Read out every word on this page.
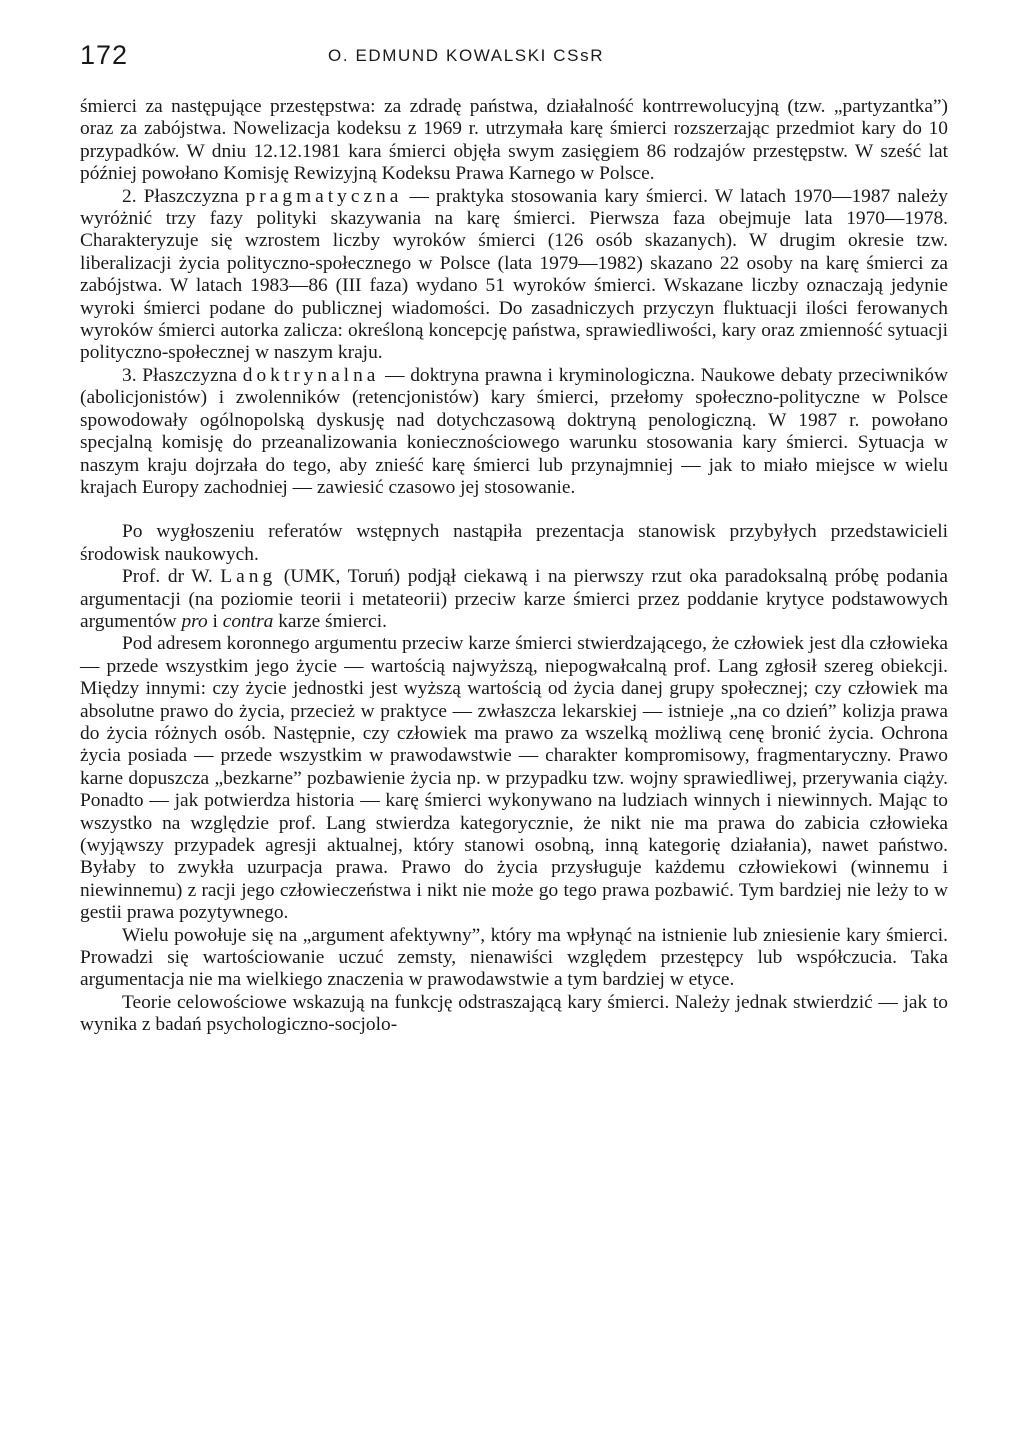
172	O. EDMUND KOWALSKI CSsR

śmierci za następujące przestępstwa: za zdradę państwa, działalność kontrrewolucyjną (tzw. „partyzantka”) oraz za zabójstwa. Nowelizacja kodeksu z 1969 r. utrzymała karę śmierci rozszerzając przedmiot kary do 10 przypadków. W dniu 12.12.1981 kara śmierci objęła swym zasięgiem 86 rodzajów przestępstw. W sześć lat później powołano Komisję Rewizyjną Kodeksu Prawa Karnego w Polsce.

2. Płaszczyzna pragmatyczna — praktyka stosowania kary śmierci. W latach 1970—1987 należy wyróżnić trzy fazy polityki skazywania na karę śmierci. Pierwsza faza obejmuje lata 1970—1978. Charakteryzuje się wzrostem liczby wyroków śmierci (126 osób skazanych). W drugim okresie tzw. liberalizacji życia polityczno-społecznego w Polsce (lata 1979—1982) skazano 22 osoby na karę śmierci za zabójstwa. W latach 1983—86 (III faza) wydano 51 wyroków śmierci. Wskazane liczby oznaczają jedynie wyroki śmierci podane do publicznej wiadomości. Do zasadniczych przyczyn fluktuacji ilości ferowanych wyroków śmierci autorka zalicza: określoną koncepcję państwa, sprawiedliwości, kary oraz zmienność sytuacji polityczno-społecznej w naszym kraju.

3. Płaszczyzna doktrynalna — doktryna prawna i kryminologiczna. Naukowe debaty przeciwników (abolicjonistów) i zwolenników (retencjonistów) kary śmierci, przełomy społeczno-polityczne w Polsce spowodowały ogólnopolską dyskusję nad dotychczasową doktryną penologiczną. W 1987 r. powołano specjalną komisję do przeanalizowania koniecznościowego warunku stosowania kary śmierci. Sytuacja w naszym kraju dojrzała do tego, aby znieść karę śmierci lub przynajmniej — jak to miało miejsce w wielu krajach Europy zachodniej — zawiesić czasowo jej stosowanie.

Po wygłoszeniu referatów wstępnych nastąpiła prezentacja stanowisk przybyłych przedstawicieli środowisk naukowych.

Prof. dr W. Lang (UMK, Toruń) podjął ciekawą i na pierwszy rzut oka paradoksalną próbę podania argumentacji (na poziomie teorii i metateorii) przeciw karze śmierci przez poddanie krytyce podstawowych argumentów pro i contra karze śmierci.

Pod adresem koronnego argumentu przeciw karze śmierci stwierdzającego, że człowiek jest dla człowieka — przede wszystkim jego życie — wartością najwyższą, niepogwałcalną prof. Lang zgłosił szereg obiekcji. Między innymi: czy życie jednostki jest wyższą wartością od życia danej grupy społecznej; czy człowiek ma absolutne prawo do życia, przecież w praktyce — zwłaszcza lekarskiej — istnieje „na co dzień” kolizja prawa do życia różnych osób. Następnie, czy człowiek ma prawo za wszelką możliwą cenę bronić życia. Ochrona życia posiada — przede wszystkim w prawodawstwie — charakter kompromisowy, fragmentaryczny. Prawo karne dopuszcza „bezkarne” pozbawienie życia np. w przypadku tzw. wojny sprawiedliwej, przerywania ciąży. Ponadto — jak potwierdza historia — karę śmierci wykonywano na ludziach winnych i niewinnych. Mając to wszystko na względzie prof. Lang stwierdza kategorycznie, że nikt nie ma prawa do zabicia człowieka (wyjąwszy przypadek agresji aktualnej, który stanowi osobną, inną kategorię działania), nawet państwo. Byłaby to zwykła uzurpacja prawa. Prawo do życia przysługuje każdemu człowiekowi (winnemu i niewinnemu) z racji jego człowieczeństwa i nikt nie może go tego prawa pozbawić. Tym bardziej nie leży to w gestii prawa pozytywnego.

Wielu powołuje się na „argument afektywny”, który ma wpłynąć na istnienie lub zniesienie kary śmierci. Prowadzi się wartościowanie uczuć zemsty, nienawiści względem przestępcy lub współczucia. Taka argumentacja nie ma wielkiego znaczenia w prawodawstwie a tym bardziej w etyce.

Teorie celowościowe wskazują na funkcję odstraszającą kary śmierci. Należy jednak stwierdzić — jak to wynika z badań psychologiczno-socjolo-
